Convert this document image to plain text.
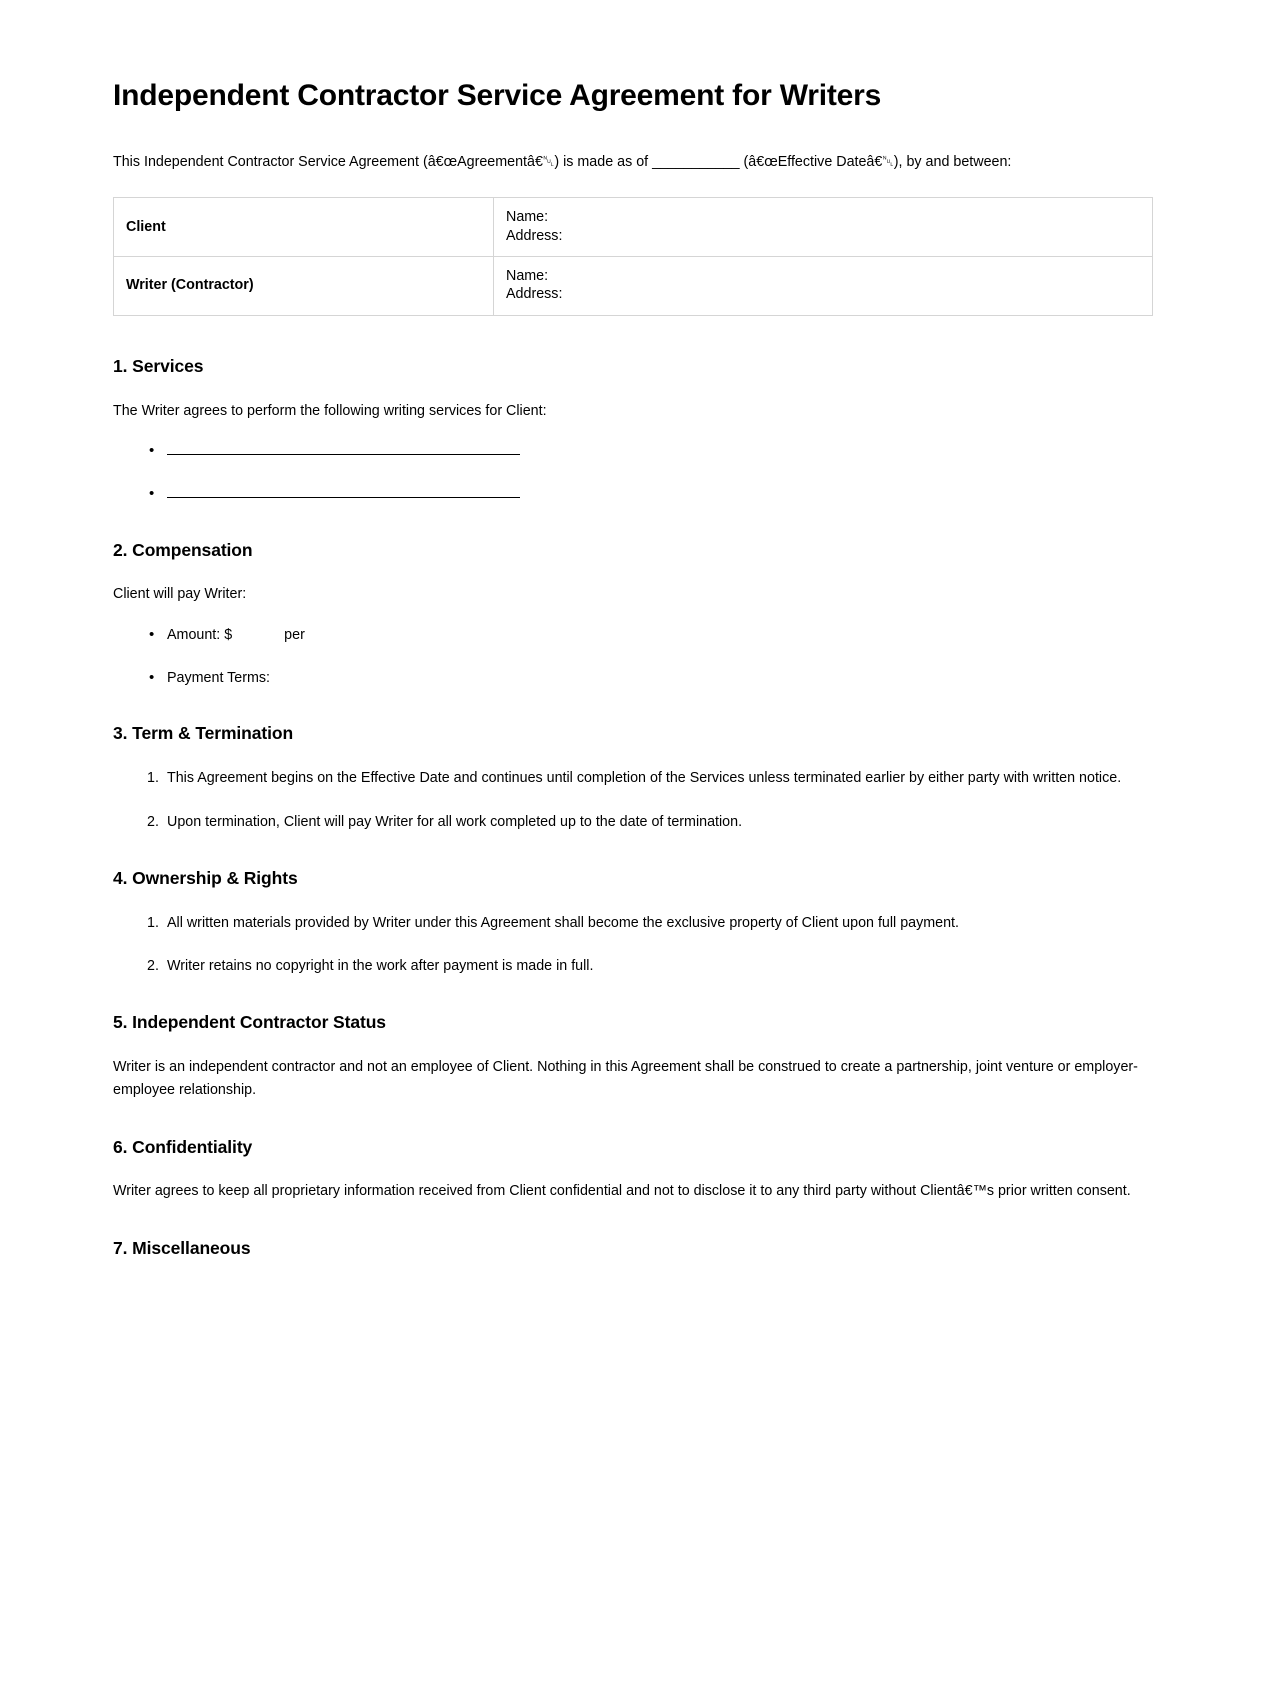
Independent Contractor Service Agreement for Writers

This Independent Contractor Service Agreement (â€œAgreementâ€␀) is made as of ___________ (â€œEffective Dateâ€␀), by and between:

Client	Name:
Address:

Writer (Contractor)	Name:
Address:
1. Services

The Writer agrees to perform the following writing services for Client:

•
•
2. Compensation

Client will pay Writer:

• Amount: $	per
• Payment Terms:
3. Term & Termination
This Agreement begins on the Effective Date and continues until completion of the Services unless terminated earlier by either party with written notice.
Upon termination, Client will pay Writer for all work completed up to the date of termination.
4. Ownership & Rights
All written materials provided by Writer under this Agreement shall become the exclusive property of Client upon full payment.
Writer retains no copyright in the work after payment is made in full.
5. Independent Contractor Status

Writer is an independent contractor and not an employee of Client. Nothing in this Agreement shall be construed to create a partnership, joint venture or employer-employee relationship.

6. Confidentiality

Writer agrees to keep all proprietary information received from Client confidential and not to disclose it to any third party without Clientâ€™s prior written consent.

7. Miscellaneous
